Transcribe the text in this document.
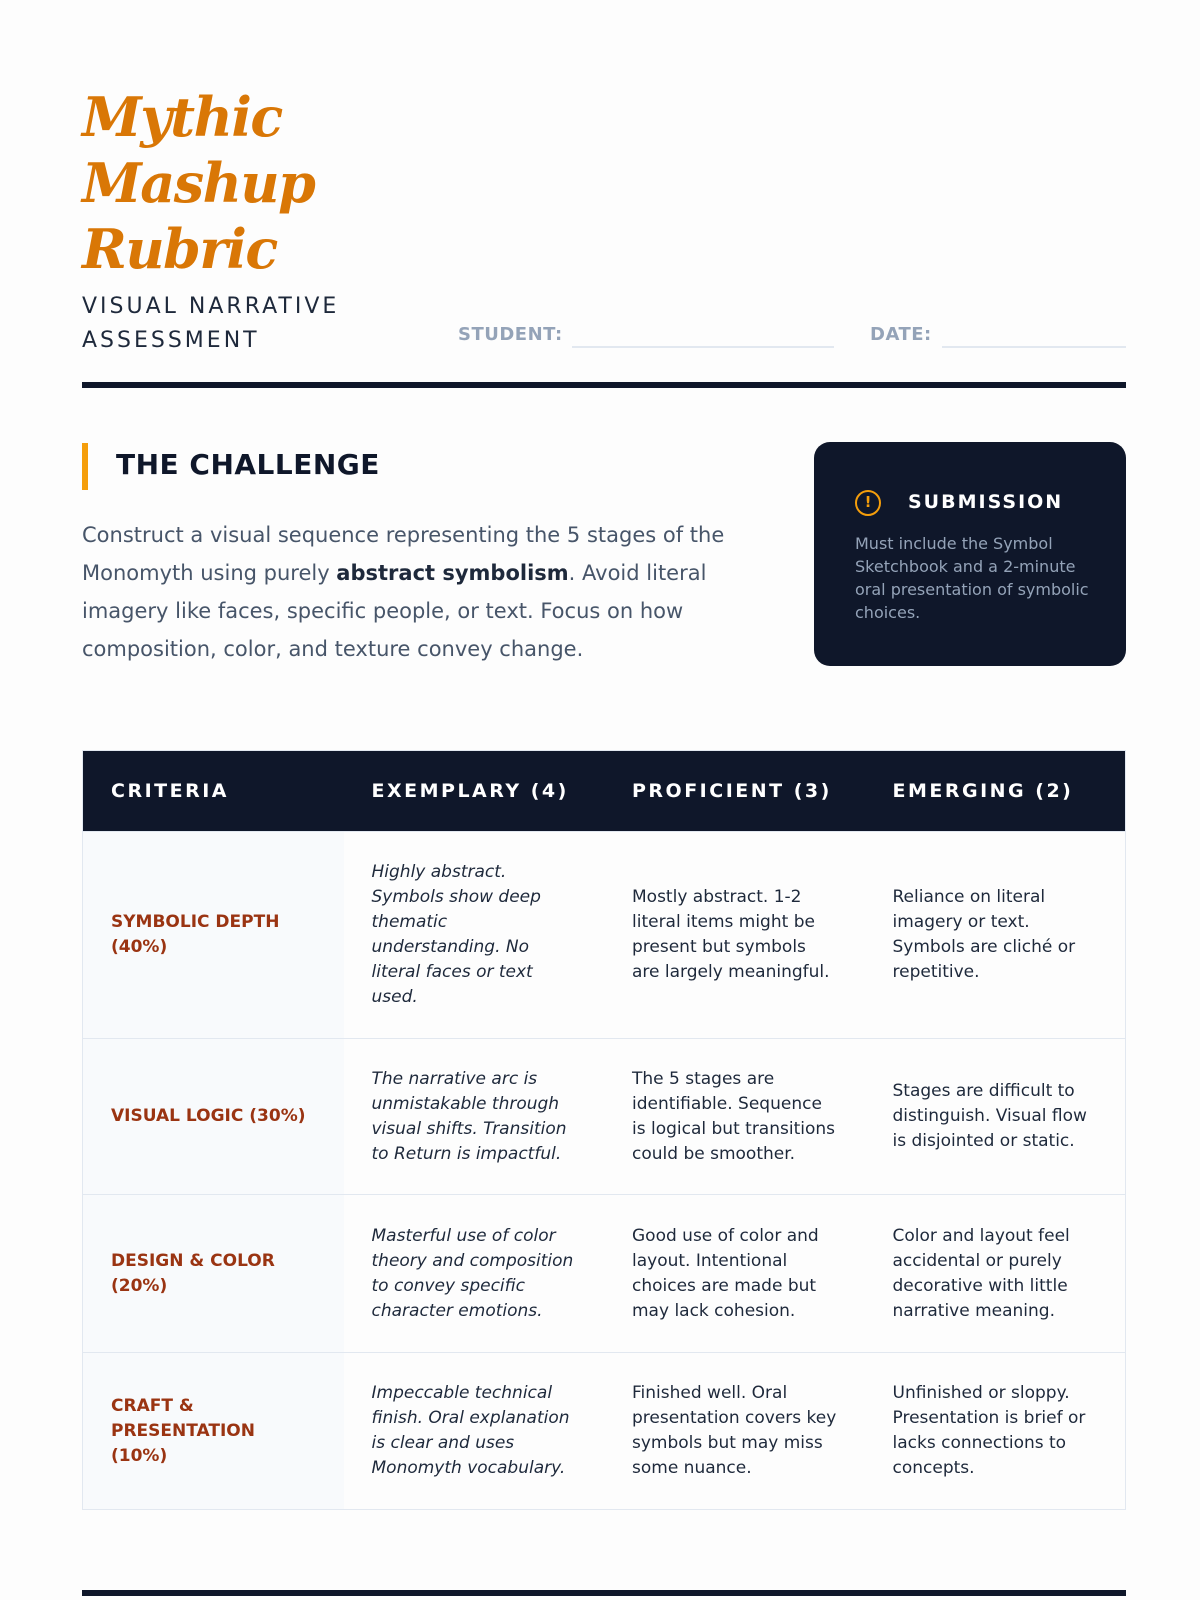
Mythic
Mashup
Rubric
VISUAL NARRATIVE ASSESSMENT	STUDENT:	DATE:
THE CHALLENGE
Construct a visual sequence representing the 5 stages of the Monomyth using purely abstract symbolism. Avoid literal imagery like faces, specific people, or text. Focus on how composition, color, and texture convey change.
!	SUBMISSION
Must include the Symbol Sketchbook and a 2-minute oral presentation of symbolic choices.
CRITERIA	EXEMPLARY (4)	PROFICIENT (3)	EMERGING (2)
SYMBOLIC DEPTH (40%)
Highly abstract. Symbols show deep thematic understanding. No literal faces or text used.
Mostly abstract. 1-2 literal items might be present but symbols are largely meaningful.
Reliance on literal imagery or text. Symbols are cliché or repetitive.
VISUAL LOGIC (30%)
The narrative arc is unmistakable through visual shifts. Transition to Return is impactful.
The 5 stages are identifiable. Sequence is logical but transitions could be smoother.
Stages are difficult to distinguish. Visual flow is disjointed or static.
DESIGN & COLOR (20%)
Masterful use of color theory and composition to convey specific character emotions.
Good use of color and layout. Intentional choices are made but may lack cohesion.
Color and layout feel accidental or purely decorative with little narrative meaning.
CRAFT & PRESENTATION (10%)
Impeccable technical finish. Oral explanation is clear and uses Monomyth vocabulary.
Finished well. Oral presentation covers key symbols but may miss some nuance.
Unfinished or sloppy. Presentation is brief or lacks connections to concepts.
